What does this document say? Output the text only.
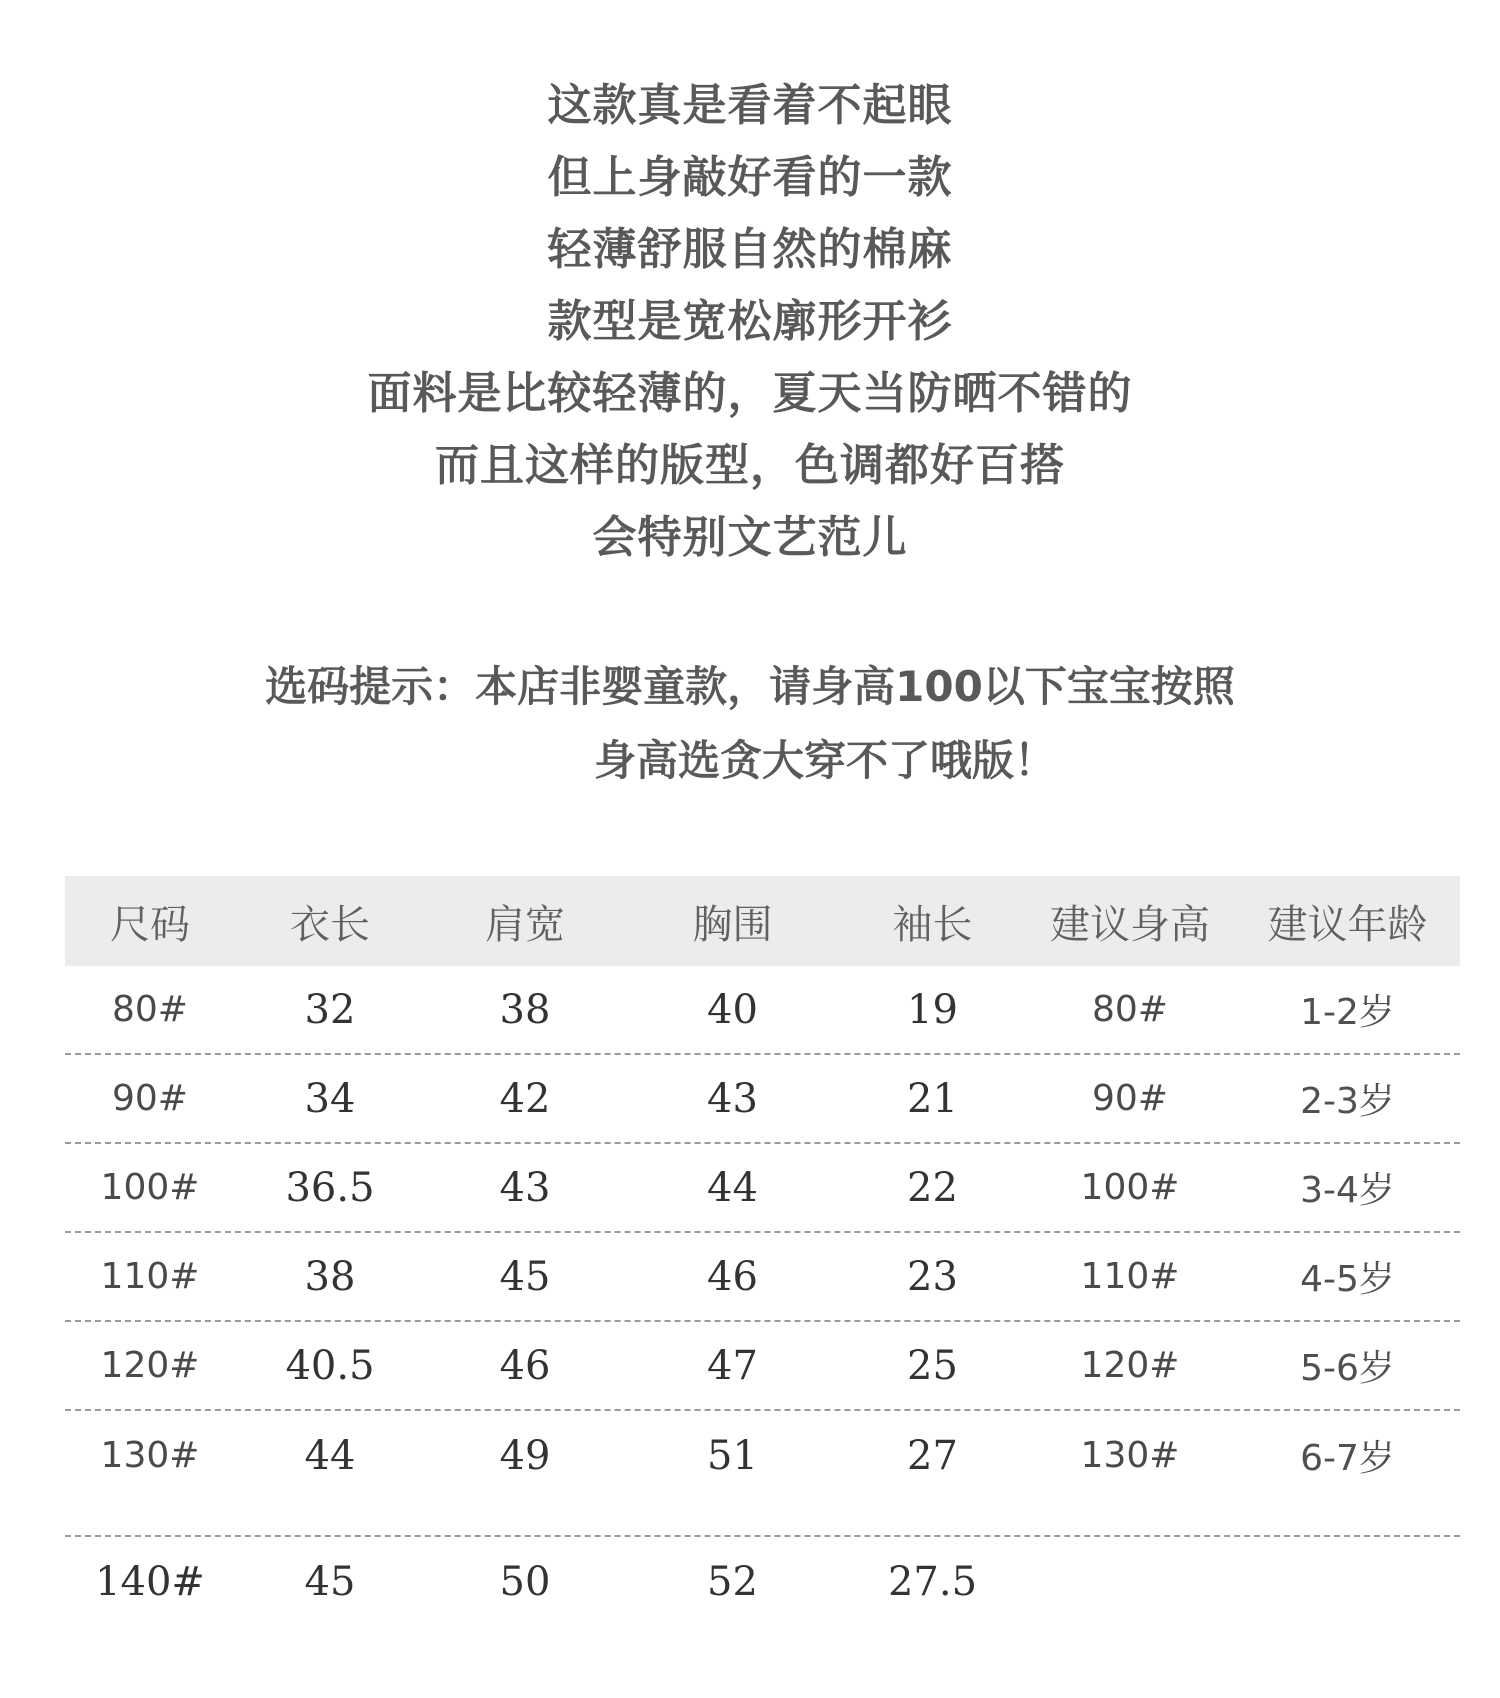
这款真是看着不起眼
但上身敲好看的一款
轻薄舒服自然的棉麻
款型是宽松廓形开衫
面料是比较轻薄的，夏天当防晒不错的
而且这样的版型，色调都好百搭
会特别文艺范儿
选码提示：本店非婴童款，请身高100以下宝宝按照
身高选贪大穿不了哦版！
尺码	衣长	肩宽	胸围	袖长	建议身高	建议年龄
80#	32	38	40	19	80#	1-2岁
90#	34	42	43	21	90#	2-3岁
100#	36.5	43	44	22	100#	3-4岁
110#	38	45	46	23	110#	4-5岁
120#	40.5	46	47	25	120#	5-6岁
130#	44	49	51	27	130#	6-7岁
140#	45	50	52	27.5
